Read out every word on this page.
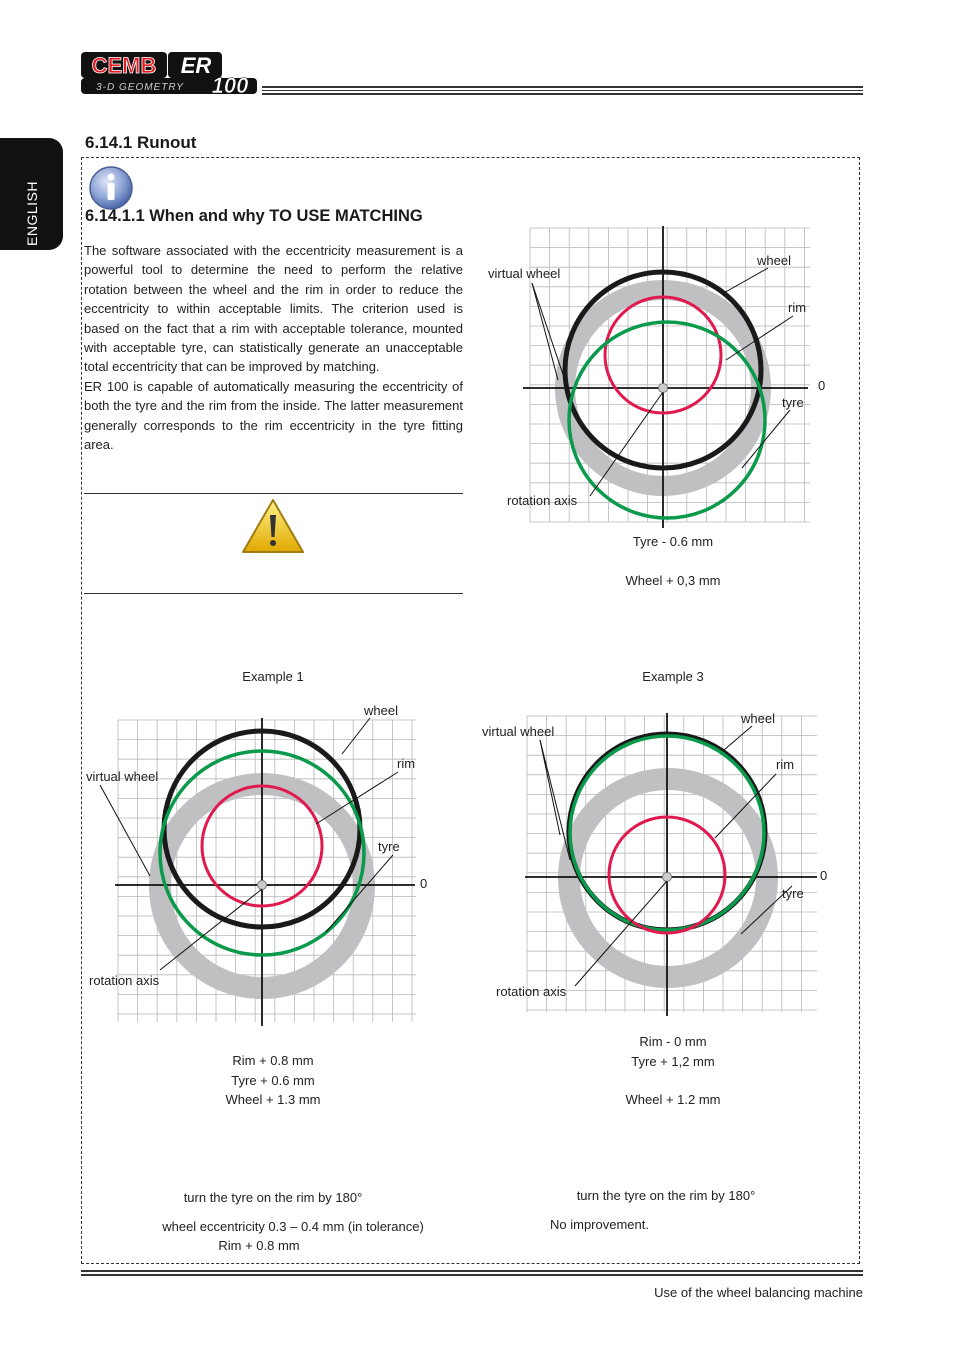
CEMB ER
3-D GEOMETRY 100
ENGLISH
6.14.1 Runout
6.14.1.1 When and why TO USE MATCHING

The software associated with the eccentricity measurement is a powerful tool to determine the need to perform the relative rotation between the wheel and the rim in order to reduce the eccentricity to within acceptable limits. The criterion used is based on the fact that a rim with acceptable tolerance, mounted with acceptable tyre, can statistically generate an unacceptable total eccentricity that can be improved by matching.

ER 100 is capable of automatically measuring the eccentricity of both the tyre and the rim from the inside. The latter measurement generally corresponds to the rim eccentricity in the tyre fitting area.

virtual wheel
wheel
rim
0
tyre
rotation axis
Tyre - 0.6 mm
Wheel + 0,3 mm
Example 1
virtual wheel
wheel
rim
tyre
0
rotation axis
Rim + 0.8 mm
Tyre + 0.6 mm
Wheel + 1.3 mm
turn the tyre on the rim by 180°
wheel eccentricity 0.3 – 0.4 mm (in tolerance)
Rim + 0.8 mm
Example 3
virtual wheel
wheel
rim
0
tyre
rotation axis
Rim - 0 mm
Tyre + 1,2 mm
Wheel + 1.2 mm
turn the tyre on the rim by 180°
No improvement.
Use of the wheel balancing machine
